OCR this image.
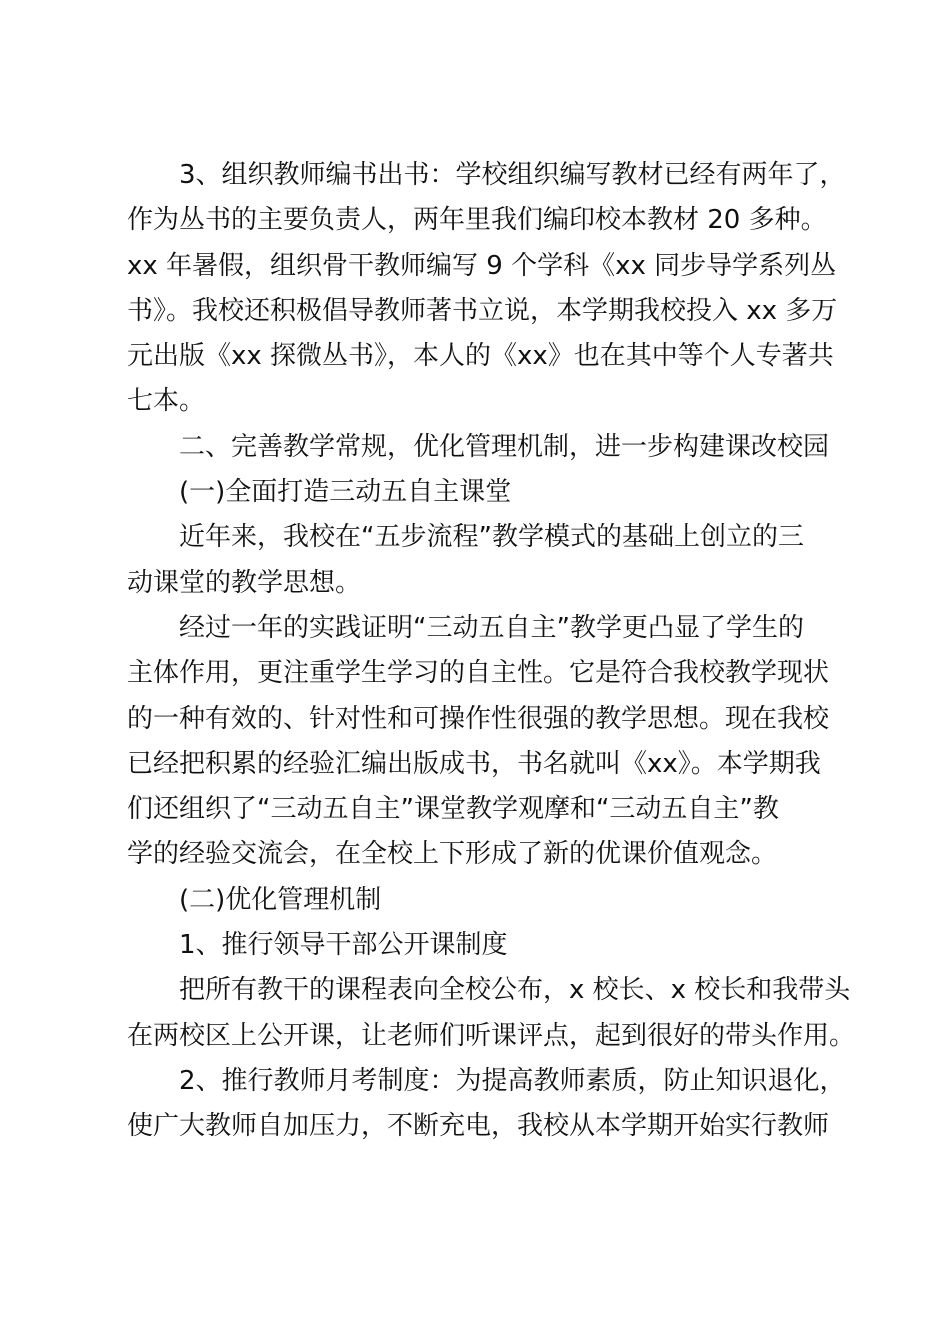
3、组织教师编书出书：学校组织编写教材已经有两年了，
作为丛书的主要负责人，两年里我们编印校本教材 20 多种。
xx 年暑假，组织骨干教师编写 9 个学科《xx 同步导学系列丛
书》。我校还积极倡导教师著书立说，本学期我校投入 xx 多万
元出版《xx 探微丛书》，本人的《xx》也在其中等个人专著共
七本。

二、完善教学常规，优化管理机制，进一步构建课改校园

(一)全面打造三动五自主课堂

近年来，我校在“五步流程”教学模式的基础上创立的三
动课堂的教学思想。

经过一年的实践证明“三动五自主”教学更凸显了学生的
主体作用，更注重学生学习的自主性。它是符合我校教学现状
的一种有效的、针对性和可操作性很强的教学思想。现在我校
已经把积累的经验汇编出版成书，书名就叫《xx》。本学期我
们还组织了“三动五自主”课堂教学观摩和“三动五自主”教
学的经验交流会，在全校上下形成了新的优课价值观念。

(二)优化管理机制

1、推行领导干部公开课制度

把所有教干的课程表向全校公布，x 校长、x 校长和我带头
在两校区上公开课，让老师们听课评点，起到很好的带头作用。

2、推行教师月考制度：为提高教师素质，防止知识退化，
使广大教师自加压力，不断充电，我校从本学期开始实行教师
